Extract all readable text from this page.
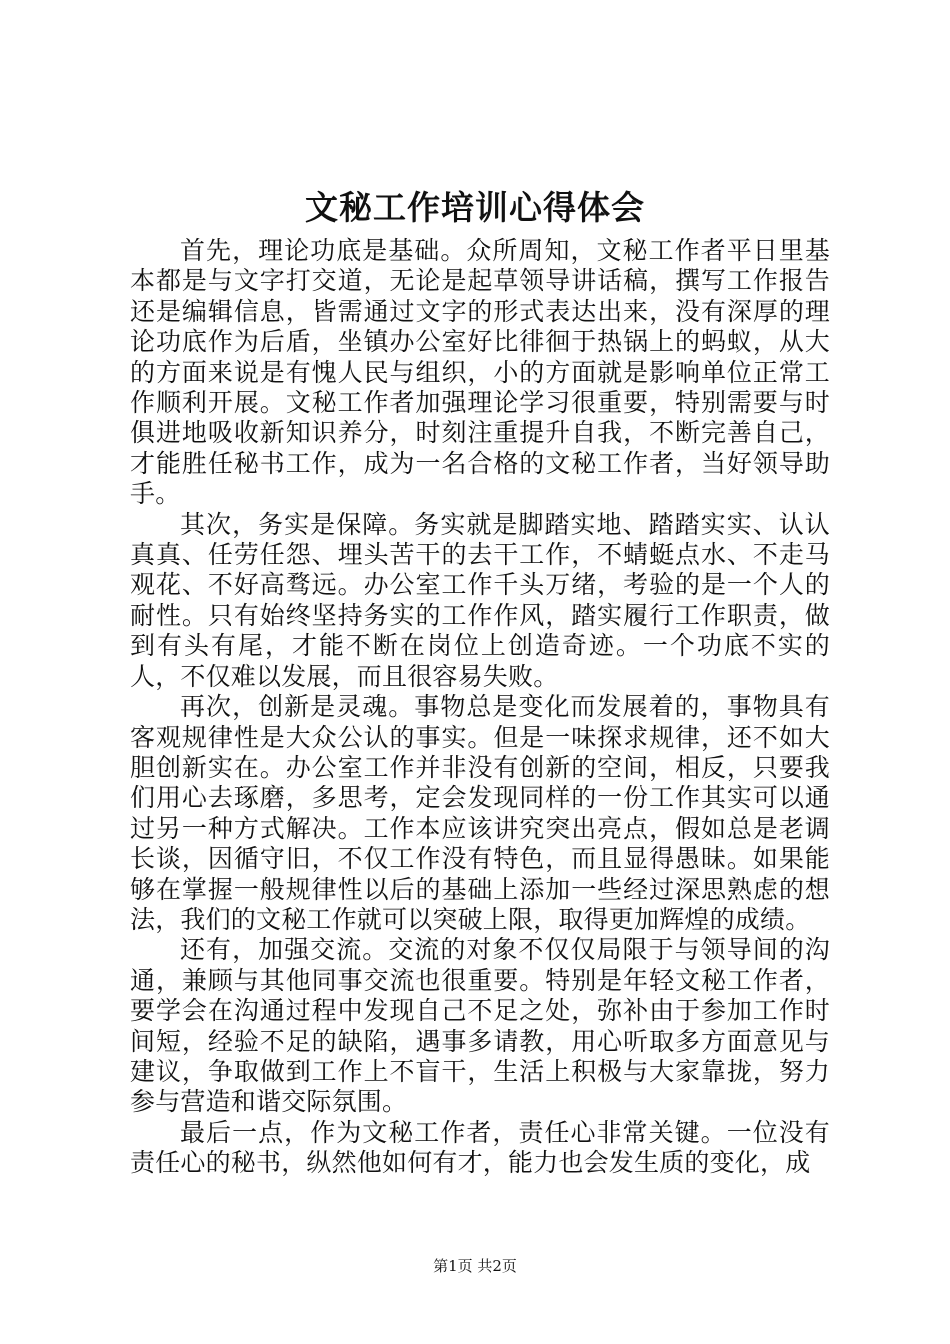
文秘工作培训心得体会

首先，理论功底是基础。众所周知，文秘工作者平日里基本都是与文字打交道，无论是起草领导讲话稿，撰写工作报告还是编辑信息，皆需通过文字的形式表达出来，没有深厚的理论功底作为后盾，坐镇办公室好比徘徊于热锅上的蚂蚁，从大的方面来说是有愧人民与组织，小的方面就是影响单位正常工作顺利开展。文秘工作者加强理论学习很重要，特别需要与时俱进地吸收新知识养分，时刻注重提升自我，不断完善自己，才能胜任秘书工作，成为一名合格的文秘工作者，当好领导助手。

其次，务实是保障。务实就是脚踏实地、踏踏实实、认认真真、任劳任怨、埋头苦干的去干工作，不蜻蜓点水、不走马观花、不好高骛远。办公室工作千头万绪，考验的是一个人的耐性。只有始终坚持务实的工作作风，踏实履行工作职责，做到有头有尾，才能不断在岗位上创造奇迹。一个功底不实的人，不仅难以发展，而且很容易失败。

再次，创新是灵魂。事物总是变化而发展着的，事物具有客观规律性是大众公认的事实。但是一味探求规律，还不如大胆创新实在。办公室工作并非没有创新的空间，相反，只要我们用心去琢磨，多思考，定会发现同样的一份工作其实可以通过另一种方式解决。工作本应该讲究突出亮点，假如总是老调长谈，因循守旧，不仅工作没有特色，而且显得愚昧。如果能够在掌握一般规律性以后的基础上添加一些经过深思熟虑的想法，我们的文秘工作就可以突破上限，取得更加辉煌的成绩。

还有，加强交流。交流的对象不仅仅局限于与领导间的沟通，兼顾与其他同事交流也很重要。特别是年轻文秘工作者，要学会在沟通过程中发现自己不足之处，弥补由于参加工作时间短，经验不足的缺陷，遇事多请教，用心听取多方面意见与建议，争取做到工作上不盲干，生活上积极与大家靠拢，努力参与营造和谐交际氛围。

最后一点，作为文秘工作者，责任心非常关键。一位没有责任心的秘书，纵然他如何有才，能力也会发生质的变化，成

第1页 共2页
